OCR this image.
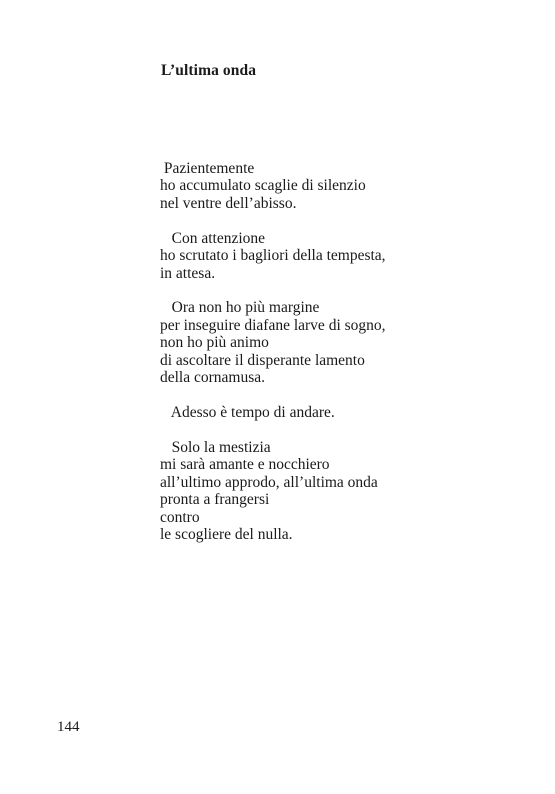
L’ultima onda
Pazientemente
ho accumulato scaglie di silenzio
nel ventre dell’abisso.
Con attenzione
ho scrutato i bagliori della tempesta,
in attesa.
Ora non ho più margine
per inseguire diafane larve di sogno,
non ho più animo
di ascoltare il disperante lamento
della cornamusa.
Adesso è tempo di andare.
Solo la mestizia
mi sarà amante e nocchiero
all’ultimo approdo, all’ultima onda
pronta a frangersi
contro
le scogliere del nulla.

144
